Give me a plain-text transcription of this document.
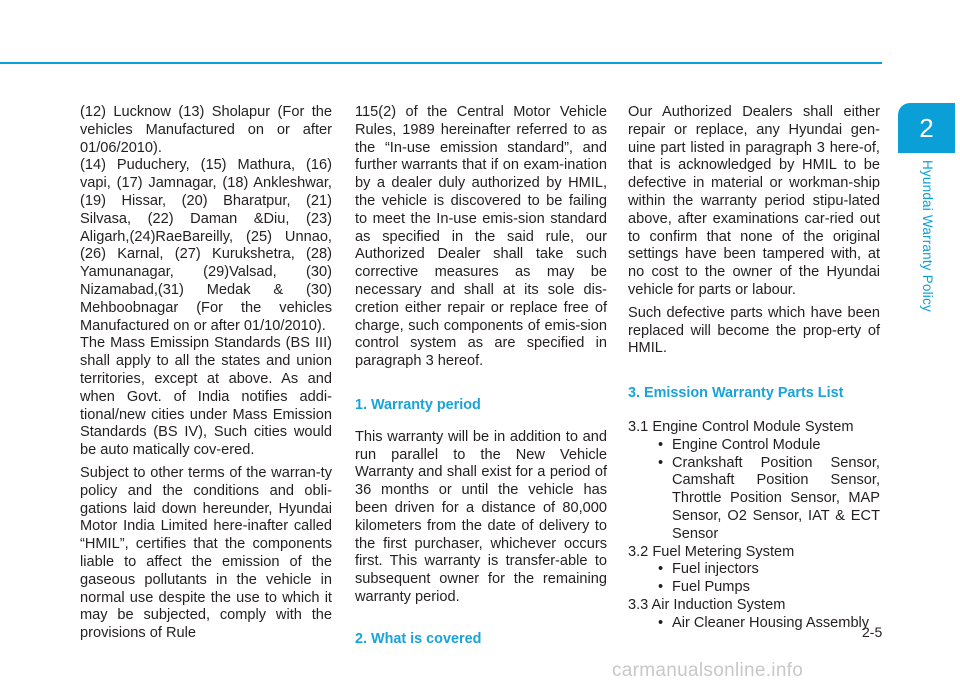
(12) Lucknow (13) Sholapur (For the vehicles Manufactured on or after 01/06/2010).

(14) Puduchery, (15) Mathura, (16) vapi, (17) Jamnagar, (18) Ankleshwar, (19) Hissar, (20) Bharatpur, (21) Silvasa, (22) Daman &Diu, (23) Aligarh,(24)RaeBareilly, (25) Unnao, (26) Karnal, (27) Kurukshetra, (28) Yamunanagar, (29)Valsad, (30) Nizamabad,(31) Medak & (30) Mehboobnagar (For the vehicles Manufactured on or after 01/10/2010).

The Mass Emissipn Standards (BS III) shall apply to all the states and union territories, except at above. As and when Govt. of India notifies addi-tional/new cities under Mass Emission Standards (BS IV), Such cities would be auto matically cov-ered.

Subject to other terms of the warran-ty policy and the conditions and obli-gations laid down hereunder, Hyundai Motor India Limited here-inafter called “HMIL”, certifies that the components liable to affect the emission of the gaseous pollutants in the vehicle in normal use despite the use to which it may be subjected, comply with the provisions of Rule

115(2) of the Central Motor Vehicle Rules, 1989 hereinafter referred to as the “In-use emission standard”, and further warrants that if on exam-ination by a dealer duly authorized by HMIL, the vehicle is discovered to be failing to meet the In-use emis-sion standard as specified in the said rule, our Authorized Dealer shall take such corrective measures as may be necessary and shall at its sole dis-cretion either repair or replace free of charge, such components of emis-sion control system as are specified in paragraph 3 hereof.

1. Warranty period

This warranty will be in addition to and run parallel to the New Vehicle Warranty and shall exist for a period of 36 months or until the vehicle has been driven for a distance of 80,000 kilometers from the date of delivery to the first purchaser, whichever occurs first. This warranty is transfer-able to subsequent owner for the remaining warranty period.

2. What is covered

Our Authorized Dealers shall either repair or replace, any Hyundai gen-uine part listed in paragraph 3 here-of, that is acknowledged by HMIL to be defective in material or workman-ship within the warranty period stipu-lated above, after examinations car-ried out to confirm that none of the original settings have been tampered with, at no cost to the owner of the Hyundai vehicle for parts or labour.

Such defective parts which have been replaced will become the prop-erty of HMIL.

3. Emission Warranty Parts List

3.1 Engine Control Module System

• Engine Control Module
• Crankshaft Position Sensor, Camshaft Position Sensor, Throttle Position Sensor, MAP Sensor, O2 Sensor, IAT & ECT Sensor

3.2 Fuel Metering System

• Fuel injectors
• Fuel Pumps

3.3 Air Induction System

• Air Cleaner Housing Assembly
2
Hyundai Warranty Policy
2-5
carmanualsonline.info
